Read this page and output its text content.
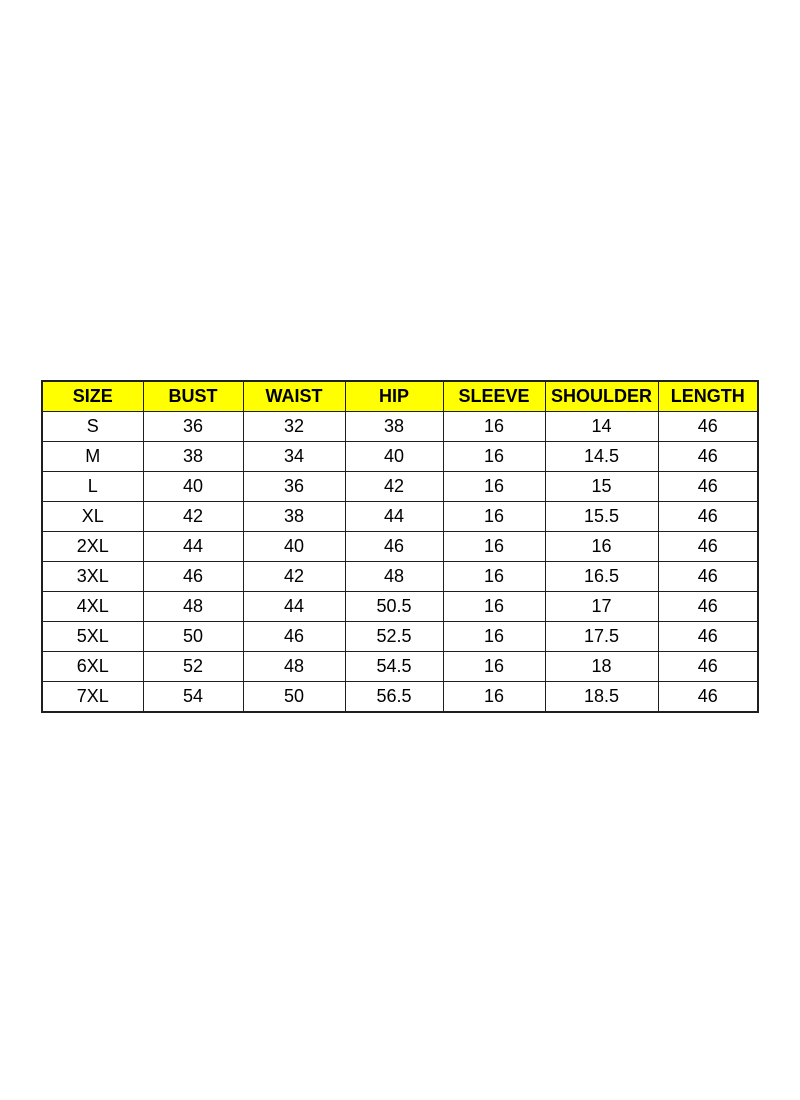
SIZE	BUST	WAIST	HIP	SLEEVE	SHOULDER	LENGTH
S	36	32	38	16	14	46
M	38	34	40	16	14.5	46
L	40	36	42	16	15	46
XL	42	38	44	16	15.5	46
2XL	44	40	46	16	16	46
3XL	46	42	48	16	16.5	46
4XL	48	44	50.5	16	17	46
5XL	50	46	52.5	16	17.5	46
6XL	52	48	54.5	16	18	46
7XL	54	50	56.5	16	18.5	46
